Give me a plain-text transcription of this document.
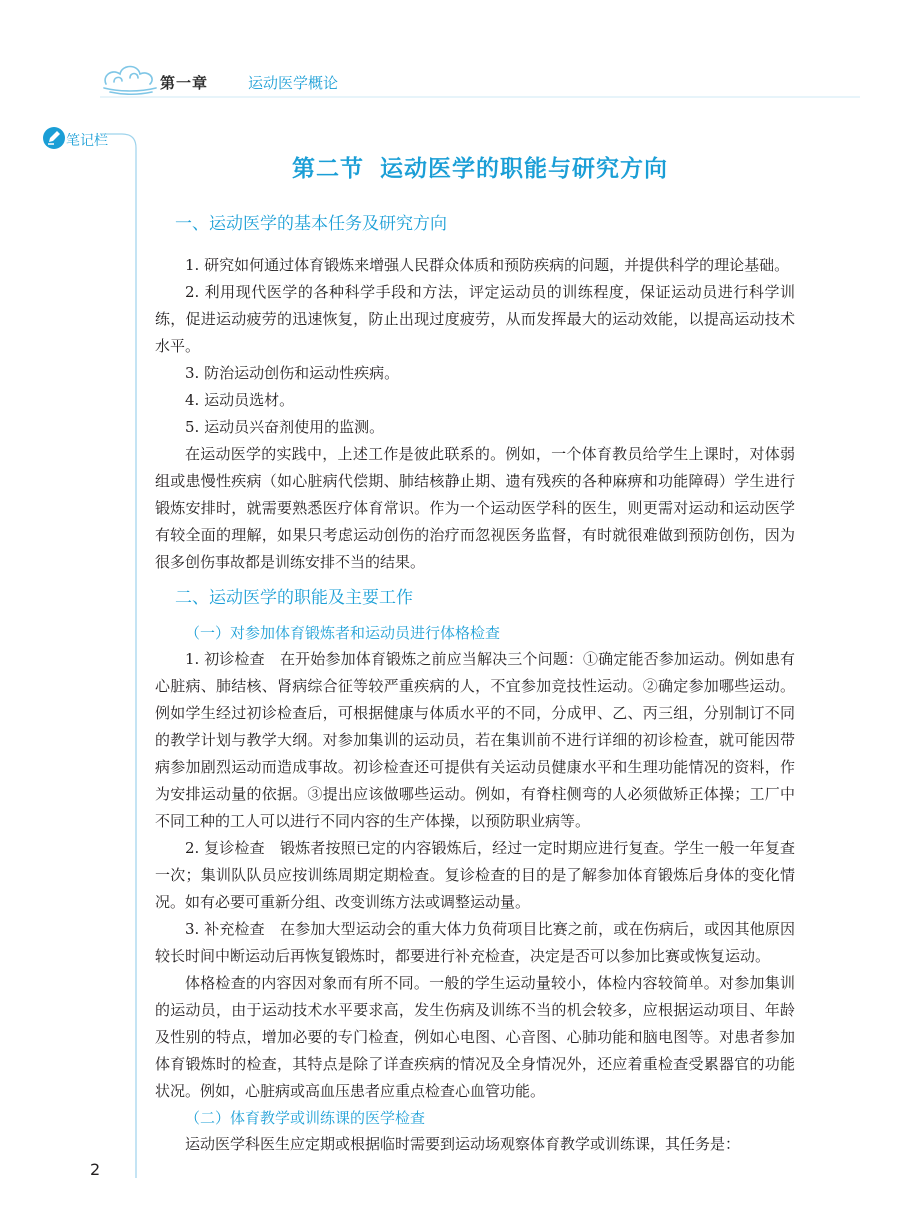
第一章	运动医学概论
笔记栏
第二节 运动医学的职能与研究方向
一、运动医学的基本任务及研究方向

1. 研究如何通过体育锻炼来增强人民群众体质和预防疾病的问题，并提供科学的理论基础。

2. 利用现代医学的各种科学手段和方法，评定运动员的训练程度，保证运动员进行科学训练，促进运动疲劳的迅速恢复，防止出现过度疲劳，从而发挥最大的运动效能，以提高运动技术水平。

3. 防治运动创伤和运动性疾病。

4. 运动员选材。

5. 运动员兴奋剂使用的监测。

在运动医学的实践中，上述工作是彼此联系的。例如，一个体育教员给学生上课时，对体弱组或患慢性疾病（如心脏病代偿期、肺结核静止期、遗有残疾的各种麻痹和功能障碍）学生进行锻炼安排时，就需要熟悉医疗体育常识。作为一个运动医学科的医生，则更需对运动和运动医学有较全面的理解，如果只考虑运动创伤的治疗而忽视医务监督，有时就很难做到预防创伤，因为很多创伤事故都是训练安排不当的结果。

二、运动医学的职能及主要工作
（一）对参加体育锻炼者和运动员进行体格检查

1. 初诊检查　在开始参加体育锻炼之前应当解决三个问题：①确定能否参加运动。例如患有心脏病、肺结核、肾病综合征等较严重疾病的人，不宜参加竞技性运动。②确定参加哪些运动。例如学生经过初诊检查后，可根据健康与体质水平的不同，分成甲、乙、丙三组，分别制订不同的教学计划与教学大纲。对参加集训的运动员，若在集训前不进行详细的初诊检查，就可能因带病参加剧烈运动而造成事故。初诊检查还可提供有关运动员健康水平和生理功能情况的资料，作为安排运动量的依据。③提出应该做哪些运动。例如，有脊柱侧弯的人必须做矫正体操；工厂中不同工种的工人可以进行不同内容的生产体操，以预防职业病等。

2. 复诊检查　锻炼者按照已定的内容锻炼后，经过一定时期应进行复查。学生一般一年复查一次；集训队队员应按训练周期定期检查。复诊检查的目的是了解参加体育锻炼后身体的变化情况。如有必要可重新分组、改变训练方法或调整运动量。

3. 补充检查　在参加大型运动会的重大体力负荷项目比赛之前，或在伤病后，或因其他原因较长时间中断运动后再恢复锻炼时，都要进行补充检查，决定是否可以参加比赛或恢复运动。

体格检查的内容因对象而有所不同。一般的学生运动量较小，体检内容较简单。对参加集训的运动员，由于运动技术水平要求高，发生伤病及训练不当的机会较多，应根据运动项目、年龄及性别的特点，增加必要的专门检查，例如心电图、心音图、心肺功能和脑电图等。对患者参加体育锻炼时的检查，其特点是除了详查疾病的情况及全身情况外，还应着重检查受累器官的功能状况。例如，心脏病或高血压患者应重点检查心血管功能。

（二）体育教学或训练课的医学检查

运动医学科医生应定期或根据临时需要到运动场观察体育教学或训练课，其任务是：

2
